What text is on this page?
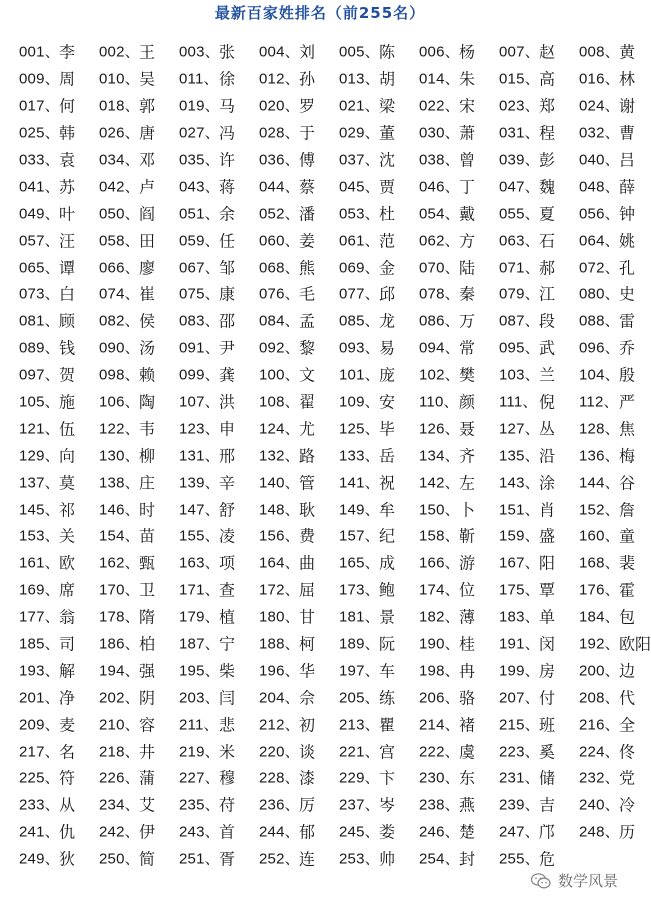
最新百家姓排名（前255名）
001、 李 002、 王 003、 张 004、 刘 005、 陈 006、 杨 007、 赵 008、 黄
009、 周 010、 吴 011、 徐 012、 孙 013、 胡 014、 朱 015、 高 016、 林
017、 何 018、 郭 019、 马 020、 罗 021、 梁 022、 宋 023、 郑 024、 谢
025、 韩 026、 唐 027、 冯 028、 于 029、 董 030、 萧 031、 程 032、 曹
033、 袁 034、 邓 035、 许 036、 傅 037、 沈 038、 曾 039、 彭 040、 吕
041、 苏 042、 卢 043、 蒋 044、 蔡 045、 贾 046、 丁 047、 魏 048、 薛
049、 叶 050、 阎 051、 余 052、 潘 053、 杜 054、 戴 055、 夏 056、 钟
057、 汪 058、 田 059、 任 060、 姜 061、 范 062、 方 063、 石 064、 姚
065、 谭 066、 廖 067、 邹 068、 熊 069、 金 070、 陆 071、 郝 072、 孔
073、 白 074、 崔 075、 康 076、 毛 077、 邱 078、 秦 079、 江 080、 史
081、 顾 082、 侯 083、 邵 084、 孟 085、 龙 086、 万 087、 段 088、 雷
089、 钱 090、 汤 091、 尹 092、 黎 093、 易 094、 常 095、 武 096、 乔
097、 贺 098、 赖 099、 龚 100、 文 101、 庞 102、 樊 103、 兰 104、 殷
105、 施 106、 陶 107、 洪 108、 翟 109、 安 110、 颜 111、 倪 112、 严
121、 伍 122、 韦 123、 申 124、 尤 125、 毕 126、 聂 127、 丛 128、 焦
129、 向 130、 柳 131、 邢 132、 路 133、 岳 134、 齐 135、 沿 136、 梅
137、 莫 138、 庄 139、 辛 140、 管 141、 祝 142、 左 143、 涂 144、 谷
145、 祁 146、 时 147、 舒 148、 耿 149、 牟 150、 卜 151、 肖 152、 詹
153、 关 154、 苗 155、 凌 156、 费 157、 纪 158、 靳 159、 盛 160、 童
161、 欧 162、 甄 163、 项 164、 曲 165、 成 166、 游 167、 阳 168、 裴
169、 席 170、 卫 171、 查 172、 屈 173、 鲍 174、 位 175、 覃 176、 霍
177、 翁 178、 隋 179、 植 180、 甘 181、 景 182、 薄 183、 单 184、 包
185、 司 186、 柏 187、 宁 188、 柯 189、 阮 190、 桂 191、 闵 192、 欧阳
193、 解 194、 强 195、 柴 196、 华 197、 车 198、 冉 199、 房 200、 边
201、 净 202、 阴 203、 闫 204、 佘 205、 练 206、 骆 207、 付 208、 代
209、 麦 210、 容 211、 悲 212、 初 213、 瞿 214、 褚 215、 班 216、 全
217、 名 218、 井 219、 米 220、 谈 221、 宫 222、 虞 223、 奚 224、 佟
225、 符 226、 蒲 227、 穆 228、 漆 229、 卞 230、 东 231、 储 232、 党
233、 从 234、 艾 235、 苻 236、 厉 237、 岑 238、 燕 239、 吉 240、 冷
241、 仇 242、 伊 243、 首 244、 郁 245、 娄 246、 楚 247、 邝 248、 历
249、 狄 250、 简 251、 胥 252、 连 253、 帅 254、 封 255、 危
数学风景
